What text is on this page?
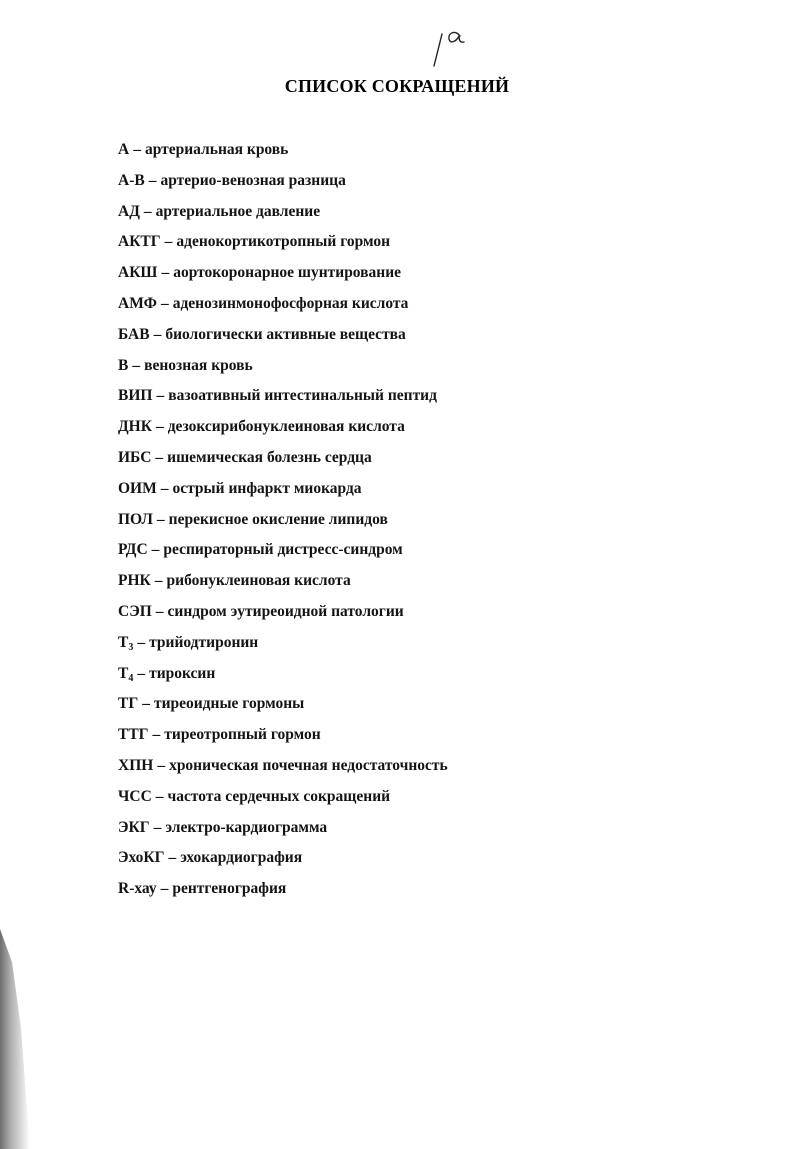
СПИСОК СОКРАЩЕНИЙ
А – артериальная кровь
А-В – артерио-венозная разница
АД – артериальное давление
АКТГ – аденокортикотропный гормон
АКШ – аортокоронарное шунтирование
АМФ – аденозинмонофосфорная кислота
БАВ – биологически активные вещества
В – венозная кровь
ВИП – вазоативный интестинальный пептид
ДНК – дезоксирибонуклеиновая кислота
ИБС – ишемическая болезнь сердца
ОИМ – острый инфаркт миокарда
ПОЛ – перекисное окисление липидов
РДС – респираторный дистресс-синдром
РНК – рибонуклеиновая кислота
СЭП – синдром эутиреоидной патологии
$Т_3$ – трийодтиронин
$Т_4$ – тироксин
ТГ – тиреоидные гормоны
ТТГ – тиреотропный гормон
ХПН – хроническая почечная недостаточность
ЧСС – частота сердечных сокращений
ЭКГ – электро-кардиограмма
ЭхоКГ – эхокардиография
R-хау – рентгенография
